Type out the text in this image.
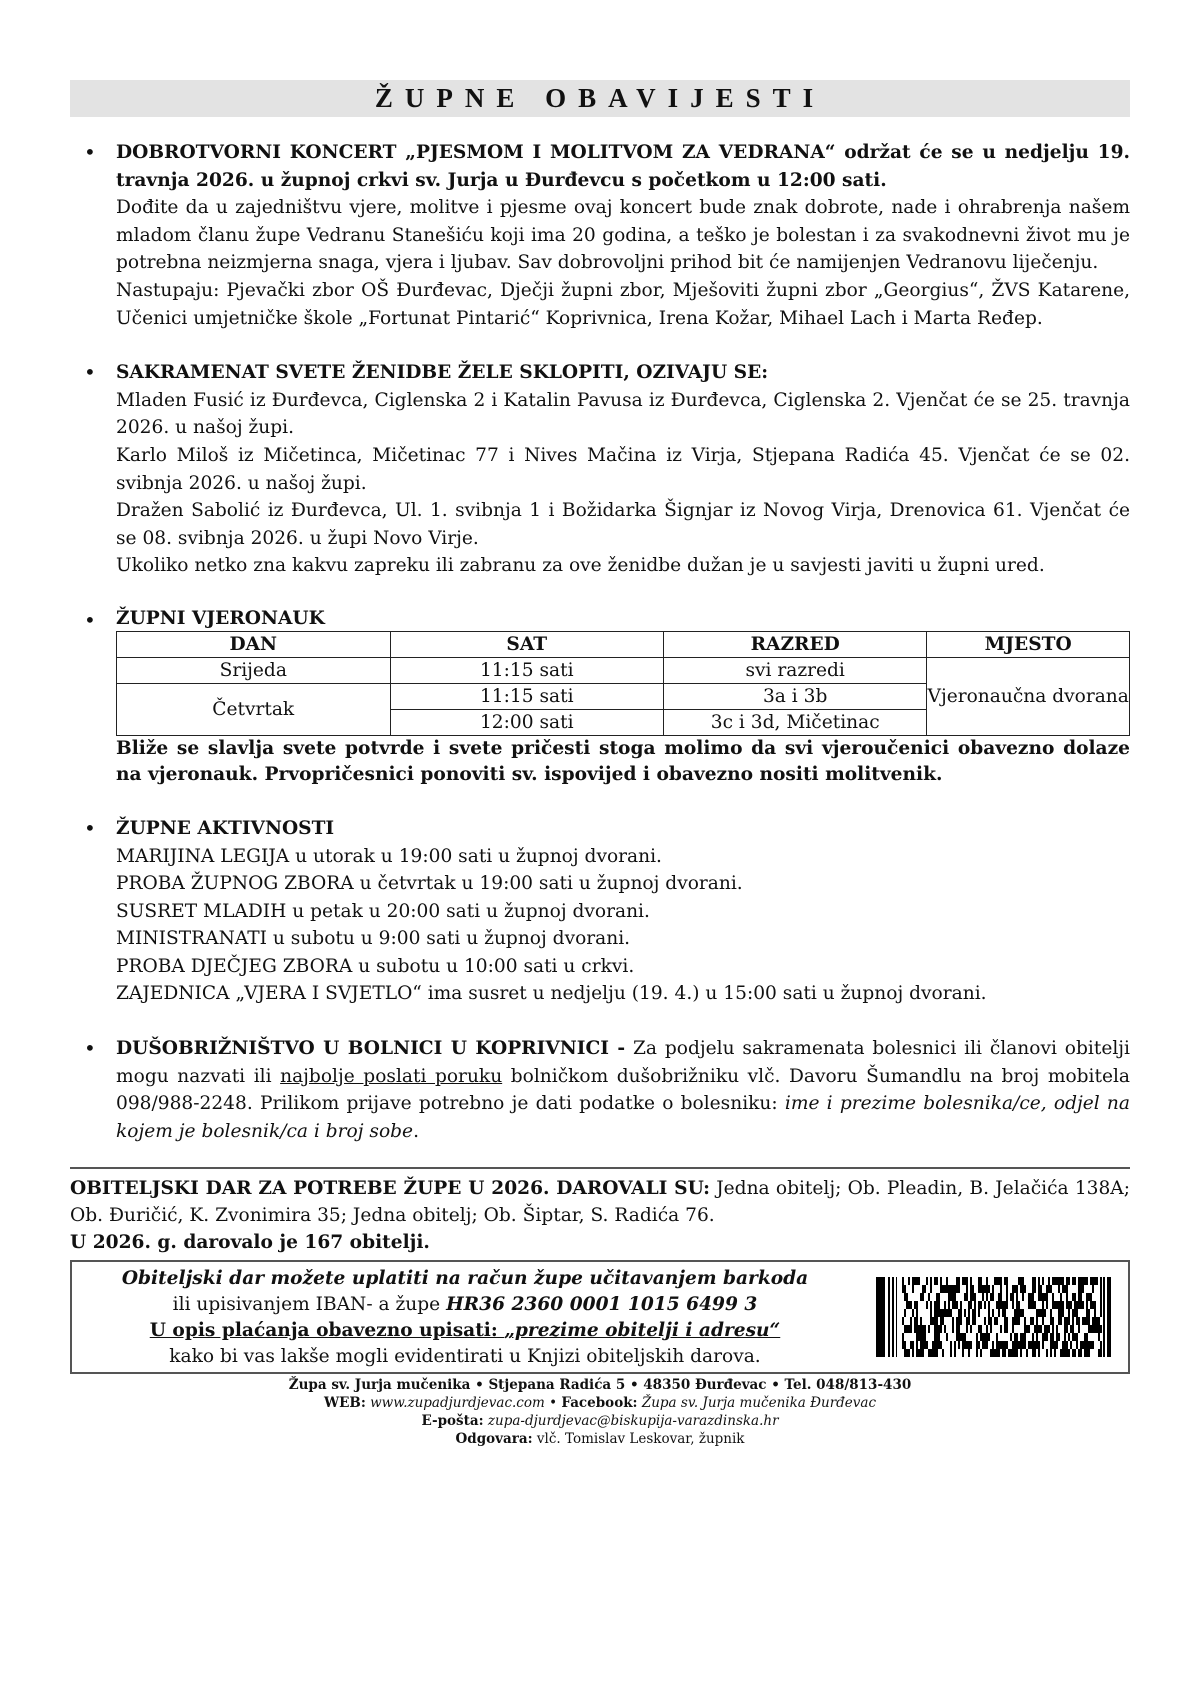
ŽUPNE OBAVIJESTI
• DOBROTVORNI KONCERT „PJESMOM I MOLITVOM ZA VEDRANA“ održat će se u nedjelju 19. travnja 2026. u župnoj crkvi sv. Jurja u Đurđevcu s početkom u 12:00 sati.

Dođite da u zajedništvu vjere, molitve i pjesme ovaj koncert bude znak dobrote, nade i ohrabrenja našem mladom članu župe Vedranu Stanešiću koji ima 20 godina, a teško je bolestan i za svakodnevni život mu je potrebna neizmjerna snaga, vjera i ljubav. Sav dobrovoljni prihod bit će namijenjen Vedranovu liječenju.

Nastupaju: Pjevački zbor OŠ Đurđevac, Dječji župni zbor, Mješoviti župni zbor „Georgius“, ŽVS Katarene, Učenici umjetničke škole „Fortunat Pintarić“ Koprivnica, Irena Kožar, Mihael Lach i Marta Ređep.

• SAKRAMENAT SVETE ŽENIDBE ŽELE SKLOPITI, OZIVAJU SE:

Mladen Fusić iz Đurđevca, Ciglenska 2 i Katalin Pavusa iz Đurđevca, Ciglenska 2. Vjenčat će se 25. travnja 2026. u našoj župi.

Karlo Miloš iz Mičetinca, Mičetinac 77 i Nives Mačina iz Virja, Stjepana Radića 45. Vjenčat će se 02. svibnja 2026. u našoj župi.

Dražen Sabolić iz Đurđevca, Ul. 1. svibnja 1 i Božidarka Šignjar iz Novog Virja, Drenovica 61. Vjenčat će se 08. svibnja 2026. u župi Novo Virje.

Ukoliko netko zna kakvu zapreku ili zabranu za ove ženidbe dužan je u savjesti javiti u župni ured.

• ŽUPNI VJERONAUK

DAN	SAT	RAZRED	MJESTO
Srijeda	11:15 sati	svi razredi	Vjeronaučna dvorana
Četvrtak	11:15 sati	3a i 3b	
	12:00 sati	3c i 3d, Mičetinac	

Bliže se slavlja svete potvrde i svete pričesti stoga molimo da svi vjeroučenici obavezno dolaze na vjeronauk. Prvopričesnici ponoviti sv. ispovijed i obavezno nositi molitvenik.

• ŽUPNE AKTIVNOSTI

MARIJINA LEGIJA u utorak u 19:00 sati u župnoj dvorani.

PROBA ŽUPNOG ZBORA u četvrtak u 19:00 sati u župnoj dvorani.

SUSRET MLADIH u petak u 20:00 sati u župnoj dvorani.

MINISTRANATI u subotu u 9:00 sati u župnoj dvorani.

PROBA DJEČJEG ZBORA u subotu u 10:00 sati u crkvi.

ZAJEDNICA „VJERA I SVJETLO“ ima susret u nedjelju (19. 4.) u 15:00 sati u župnoj dvorani.

• DUŠOBRIŽNIŠTVO U BOLNICI U KOPRIVNICI - Za podjelu sakramenata bolesnici ili članovi obitelji mogu nazvati ili najbolje poslati poruku bolničkom dušobrižniku vlč. Davoru Šumandlu na broj mobitela 098/988-2248. Prilikom prijave potrebno je dati podatke o bolesniku: ime i prezime bolesnika/ce, odjel na kojem je bolesnik/ca i broj sobe.

OBITELJSKI DAR ZA POTREBE ŽUPE U 2026. DAROVALI SU: Jedna obitelj; Ob. Pleadin, B. Jelačića 138A; Ob. Đuričić, K. Zvonimira 35; Jedna obitelj; Ob. Šiptar, S. Radića 76.

U 2026. g. darovalo je 167 obitelji.

Obiteljski dar možete uplatiti na račun župe učitavanjem barkoda

ili upisivanjem IBAN- a župe HR36 2360 0001 1015 6499 3

U opis plaćanja obavezno upisati: „prezime obitelji i adresu“

kako bi vas lakše mogli evidentirati u Knjizi obiteljskih darova.

Župa sv. Jurja mučenika • Stjepana Radića 5 • 48350 Đurđevac • Tel. 048/813-430

WEB: www.zupadjurdjevac.com • Facebook: Župa sv. Jurja mučenika Đurđevac

E-pošta: zupa-djurdjevac@biskupija-varazdinska.hr

Odgovara: vlč. Tomislav Leskovar, župnik
